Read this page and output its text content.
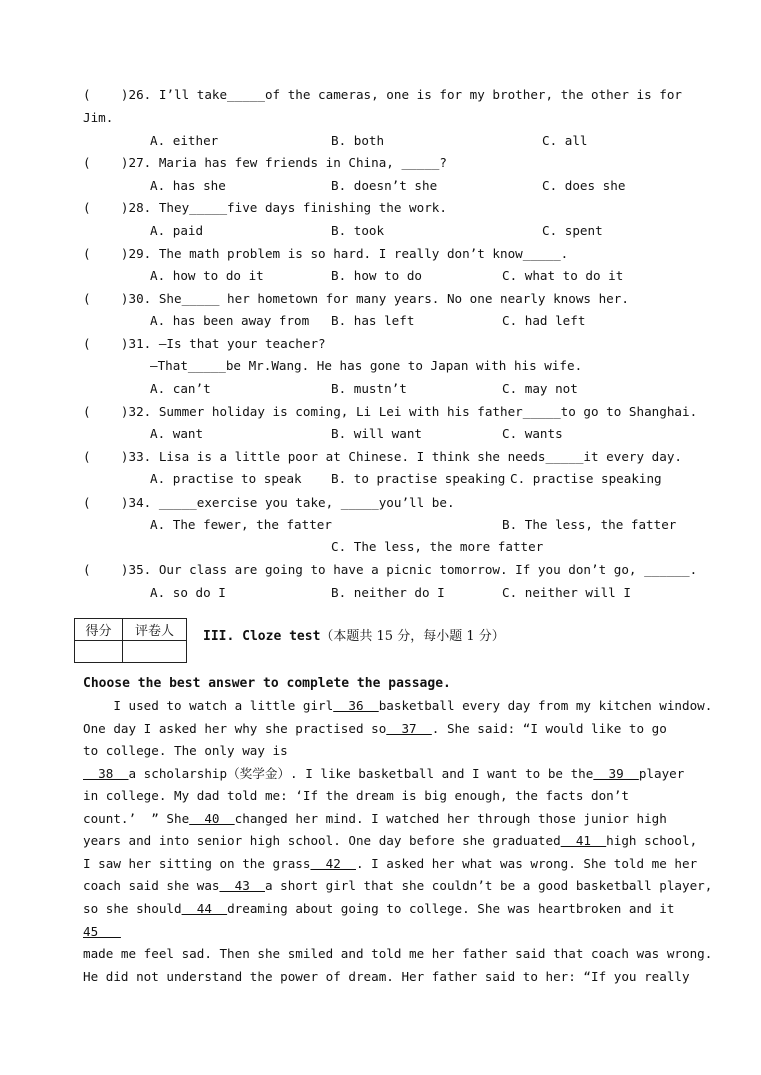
(    )26. I’ll take_____of the cameras, one is for my brother, the other is for
Jim.
A. either	B. both	C. all
(    )27. Maria has few friends in China, _____?
A. has she	B. doesn’t she	C. does she
(    )28. They_____five days finishing the work.
A. paid	B. took	C. spent
(    )29. The math problem is so hard. I really don’t know_____.
A. how to do it	B. how to do	C. what to do it
(    )30. She_____ her hometown for many years. No one nearly knows her.
A. has been away from B. has left	C. had left
(    )31. —Is that your teacher?
—That_____be Mr.Wang. He has gone to Japan with his wife.
A. can’t	B. mustn’t	C. may not
(    )32. Summer holiday is coming, Li Lei with his father_____to go to Shanghai.
A. want	B. will want	C. wants
(    )33. Lisa is a little poor at Chinese. I think she needs_____it every day.
A. practise to speak B. to practise speaking C. practise speaking
(    )34. _____exercise you take, _____you’ll be.
A. The fewer, the fatter	B. The less, the fatter
C. The less, the more fatter
(    )35. Our class are going to have a picnic tomorrow. If you don’t go, ______.
A. so do I	B. neither do I	C. neither will I
得分	评卷人
	III. Cloze test（本题共 15 分，每小题 1 分）
Choose the best answer to complete the passage.
I used to watch a little girl  36  basketball every day from my kitchen window.
One day I asked her why she practised so  37  . She said: “I would like to go
to college. The only way is
38  a scholarship（奖学金）. I like basketball and I want to be the  39  player
in college. My dad told me: ‘If the dream is big enough, the facts don’t
count.’  ” She  40  changed her mind. I watched her through those junior high
years and into senior high school. One day before she graduated  41  high school,
I saw her sitting on the grass  42  . I asked her what was wrong. She told me her
coach said she was  43  a short girl that she couldn’t be a good basketball player,
so she should  44  dreaming about going to college. She was heartbroken and it
45
made me feel sad. Then she smiled and told me her father said that coach was wrong.
He did not understand the power of dream. Her father said to her: “If you really
